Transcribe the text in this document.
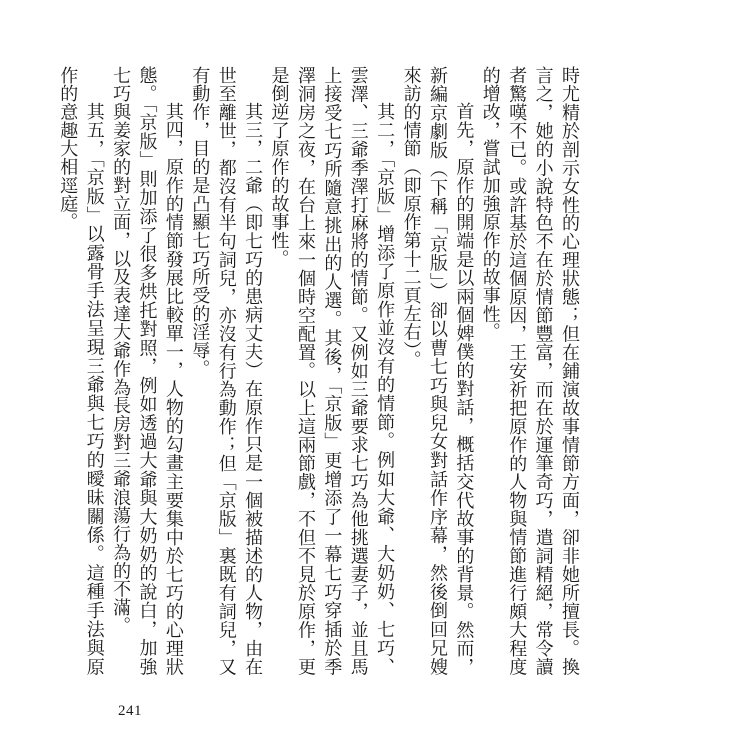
時尤精於剖示女性的心理狀態；但在鋪演故事情節方面，卻非她所擅長。換言之，她的小說特色不在於情節豐富，而在於運筆奇巧，遣詞精絕，常令讀者驚嘆不已。或許基於這個原因，王安祈把原作的人物與情節進行頗大程度的增改，嘗試加強原作的故事性。

首先，原作的開端是以兩個婢僕的對話，概括交代故事的背景。然而，新編京劇版（下稱「京版」）卻以曹七巧與兒女對話作序幕，然後倒回兄嫂來訪的情節（即原作第十二頁左右）。

其二，「京版」增添了原作並沒有的情節。例如大爺、大奶奶、七巧、雲澤、三爺季澤打麻將的情節。又例如三爺要求七巧為他挑選妻子，並且馬上接受七巧所隨意挑出的人選。其後，「京版」更增添了一幕七巧穿插於季澤洞房之夜，在台上來一個時空配置。以上這兩節戲，不但不見於原作，更是倒逆了原作的故事性。

其三，二爺（即七巧的患病丈夫）在原作只是一個被描述的人物，由在世至離世，都沒有半句詞兒，亦沒有行為動作；但「京版」裏既有詞兒，又有動作，目的是凸顯七巧所受的淫辱。

其四，原作的情節發展比較單一，人物的勾畫主要集中於七巧的心理狀態。「京版」則加添了很多烘托對照，例如透過大爺與大奶奶的說白，加強七巧與姜家的對立面，以及表達大爺作為長房對三爺浪蕩行為的不滿。

其五，「京版」以露骨手法呈現三爺與七巧的曖昧關係。這種手法與原作的意趣大相逕庭。

241
